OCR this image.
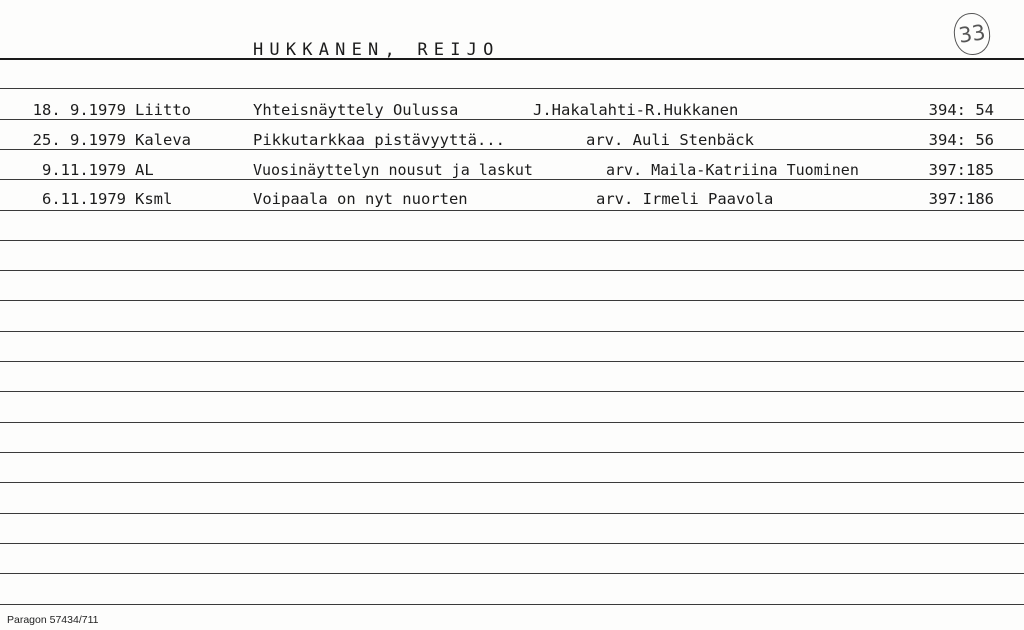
HUKKANEN, REIJO
33
18. 9.1979 Liitto	Yhteisnäyttely Oulussa	J.Hakalahti-R.Hukkanen	394: 54
25. 9.1979 Kaleva	Pikkutarkkaa pistävyyttä...	arv. Auli Stenbäck	394: 56
9.11.1979 AL	Vuosinäyttelyn nousut ja laskut	arv. Maila-Katriina Tuominen	397:185
6.11.1979 Ksml	Voipaala on nyt nuorten	arv. Irmeli Paavola	397:186
Paragon 57434/711
